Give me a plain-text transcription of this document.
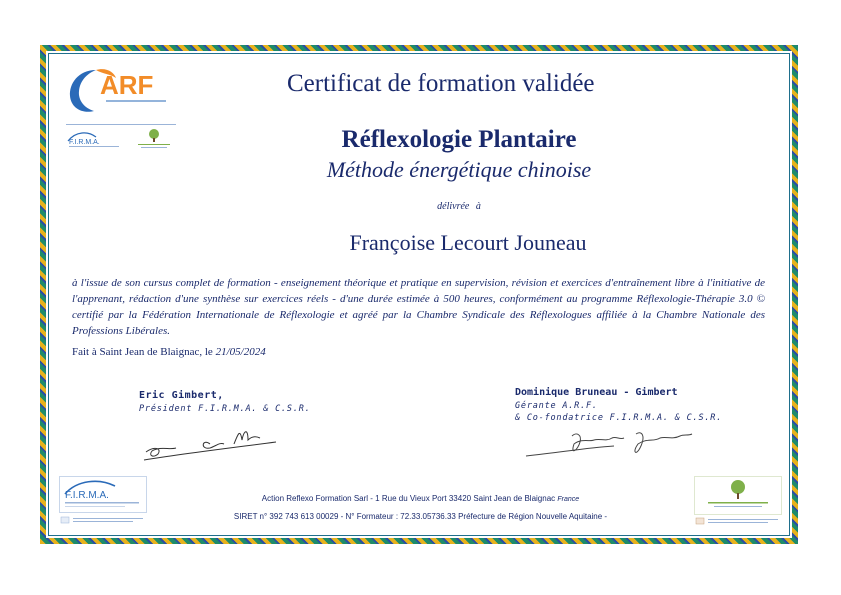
ARF
F.I.R.M.A.
Certificat de formation validée
Réflexologie Plantaire
Méthode énergétique chinoise
délivrée à
Françoise Lecourt Jouneau
à l'issue de son cursus complet de formation - enseignement théorique et pratique en supervision, révision et exercices d'entraînement libre à l'initiative de l'apprenant, rédaction d'une synthèse sur exercices réels - d'une durée estimée à 500 heures, conformément au programme Réflexologie-Thérapie 3.0 © certifié par la Fédération Internationale de Réflexologie et agréé par la Chambre Syndicale des Réflexologues affiliée à la Chambre Nationale des Professions Libérales.
Fait à Saint Jean de Blaignac, le 21/05/2024
Eric Gimbert,
Président F.I.R.M.A. & C.S.R.
Dominique Bruneau - Gimbert
Gérante A.R.F.
& Co-fondatrice F.I.R.M.A. & C.S.R.
F.I.R.M.A.	Action Reflexo Formation Sarl - 1 Rue du Vieux Port 33420 Saint Jean de Blaignac France
SIRET n° 392 743 613 00029 - N° Formateur : 72.33.05736.33 Préfecture de Région Nouvelle Aquitaine -
